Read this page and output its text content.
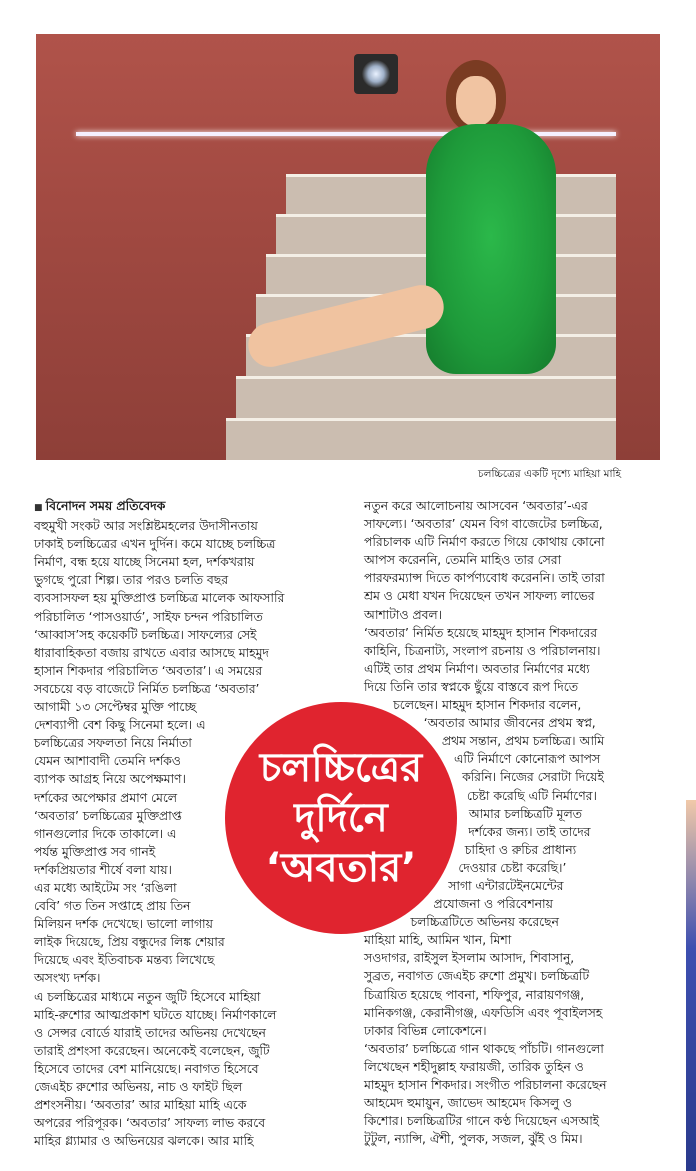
চলচ্চিত্রের একটি দৃশ্যে মাহিয়া মাহি

■ বিনোদন সময় প্রতিবেদক

বহুমুখী সংকট আর সংশ্লিষ্টমহলের উদাসীনতায়

ঢাকাই চলচ্চিত্রের এখন দুর্দিন। কমে যাচ্ছে চলচ্চিত্র

নির্মাণ, বন্ধ হয়ে যাচ্ছে সিনেমা হল, দর্শকখরায়

ভুগছে পুরো শিল্প। তার পরও চলতি বছর

ব্যবসাসফল হয় মুক্তিপ্রাপ্ত চলচ্চিত্র মালেক আফসারি

পরিচালিত ‘পাসওয়ার্ড’, সাইফ চন্দন পরিচালিত

‘আব্বাস’সহ কয়েকটি চলচ্চিত্র। সাফল্যের সেই

ধারাবাহিকতা বজায় রাখতে এবার আসছে মাহমুদ

হাসান শিকদার পরিচালিত ‘অবতার’। এ সময়ের

সবচেয়ে বড় বাজেটে নির্মিত চলচ্চিত্র ‘অবতার’

আগামী ১৩ সেপ্টেম্বর মুক্তি পাচ্ছে

দেশব্যাপী বেশ কিছু সিনেমা হলে। এ

চলচ্চিত্রের সফলতা নিয়ে নির্মাতা

যেমন আশাবাদী তেমনি দর্শকও

ব্যাপক আগ্রহ নিয়ে অপেক্ষমাণ।

দর্শকের অপেক্ষার প্রমাণ মেলে

‘অবতার’ চলচ্চিত্রের মুক্তিপ্রাপ্ত

গানগুলোর দিকে তাকালে। এ

পর্যন্ত মুক্তিপ্রাপ্ত সব গানই

দর্শকপ্রিয়তার শীর্ষে বলা যায়।

এর মধ্যে আইটেম সং ‘রঙিলা

বেবি’ গত তিন সপ্তাহে প্রায় তিন

মিলিয়ন দর্শক দেখেছে। ভালো লাগায়

লাইক দিয়েছে, প্রিয় বন্ধুদের লিঙ্ক শেয়ার

দিয়েছে এবং ইতিবাচক মন্তব্য লিখেছে

অসংখ্য দর্শক।

এ চলচ্চিত্রের মাধ্যমে নতুন জুটি হিসেবে মাহিয়া

মাহি-রুশোর আত্মপ্রকাশ ঘটতে যাচ্ছে। নির্মাণকালে

ও সেন্সর বোর্ডে যারাই তাদের অভিনয় দেখেছেন

তারাই প্রশংসা করেছেন। অনেকেই বলেছেন, জুটি

হিসেবে তাদের বেশ মানিয়েছে। নবাগত হিসেবে

জেএইচ রুশোর অভিনয়, নাচ ও ফাইট ছিল

প্রশংসনীয়। ‘অবতার’ আর মাহিয়া মাহি একে

অপরের পরিপূরক। ‘অবতার’ সাফল্য লাভ করবে

মাহির গ্ল্যামার ও অভিনয়ের ঝলকে। আর মাহি

নতুন করে আলোচনায় আসবেন ‘অবতার’-এর

সাফল্যে। ‘অবতার’ যেমন বিগ বাজেটের চলচ্চিত্র,

পরিচালক এটি নির্মাণ করতে গিয়ে কোথায় কোনো

আপস করেননি, তেমনি মাহিও তার সেরা

পারফরম্যান্স দিতে কার্পণ্যবোধ করেননি। তাই তারা

শ্রম ও মেধা যখন দিয়েছেন তখন সাফল্য লাভের

আশাটাও প্রবল।

‘অবতার’ নির্মিত হয়েছে মাহমুদ হাসান শিকদারের

কাহিনি, চিত্রনাট্য, সংলাপ রচনায় ও পরিচালনায়।

এটিই তার প্রথম নির্মাণ। অবতার নির্মাণের মধ্যে

দিয়ে তিনি তার স্বপ্নকে ছুঁয়ে বাস্তবে রূপ দিতে

চলেছেন। মাহমুদ হাসান শিকদার বলেন,

‘অবতার আমার জীবনের প্রথম স্বপ্ন,

প্রথম সন্তান, প্রথম চলচ্চিত্র। আমি

এটি নির্মাণে কোনোরূপ আপস

করিনি। নিজের সেরাটা দিয়েই

চেষ্টা করেছি এটি নির্মাণের।

আমার চলচ্চিত্রটি মূলত

দর্শকের জন্য। তাই তাদের

চাহিদা ও রুচির প্রাধান্য

দেওয়ার চেষ্টা করেছি।’

সাগা এন্টারটেইনমেন্টের

প্রযোজনা ও পরিবেশনায়

চলচ্চিত্রটিতে অভিনয় করেছেন

মাহিয়া মাহি, আমিন খান, মিশা

সওদাগর, রাইসুল ইসলাম আসাদ, শিবাসানু,

সুব্রত, নবাগত জেএইচ রুশো প্রমুখ। চলচ্চিত্রটি

চিত্রায়িত হয়েছে পাবনা, শফিপুর, নারায়ণগঞ্জ,

মানিকগঞ্জ, কেরানীগঞ্জ, এফডিসি এবং পূবাইলসহ

ঢাকার বিভিন্ন লোকেশনে।

‘অবতার’ চলচ্চিত্রে গান থাকছে পাঁচটি। গানগুলো

লিখেছেন শহীদুল্লাহ ফরায়জী, তারিক তুহিন ও

মাহমুদ হাসান শিকদার। সংগীত পরিচালনা করেছেন

আহমেদ হুমায়ুন, জাভেদ আহমেদ কিসলু ও

কিশোর। চলচ্চিত্রটির গানে কণ্ঠ দিয়েছেন এসআই

টুটুল, ন্যান্সি, ঐশী, পুলক, সজল, ঝুঁই ও মিম।

চলচ্চিত্রের
দুর্দিনে
‘অবতার’
